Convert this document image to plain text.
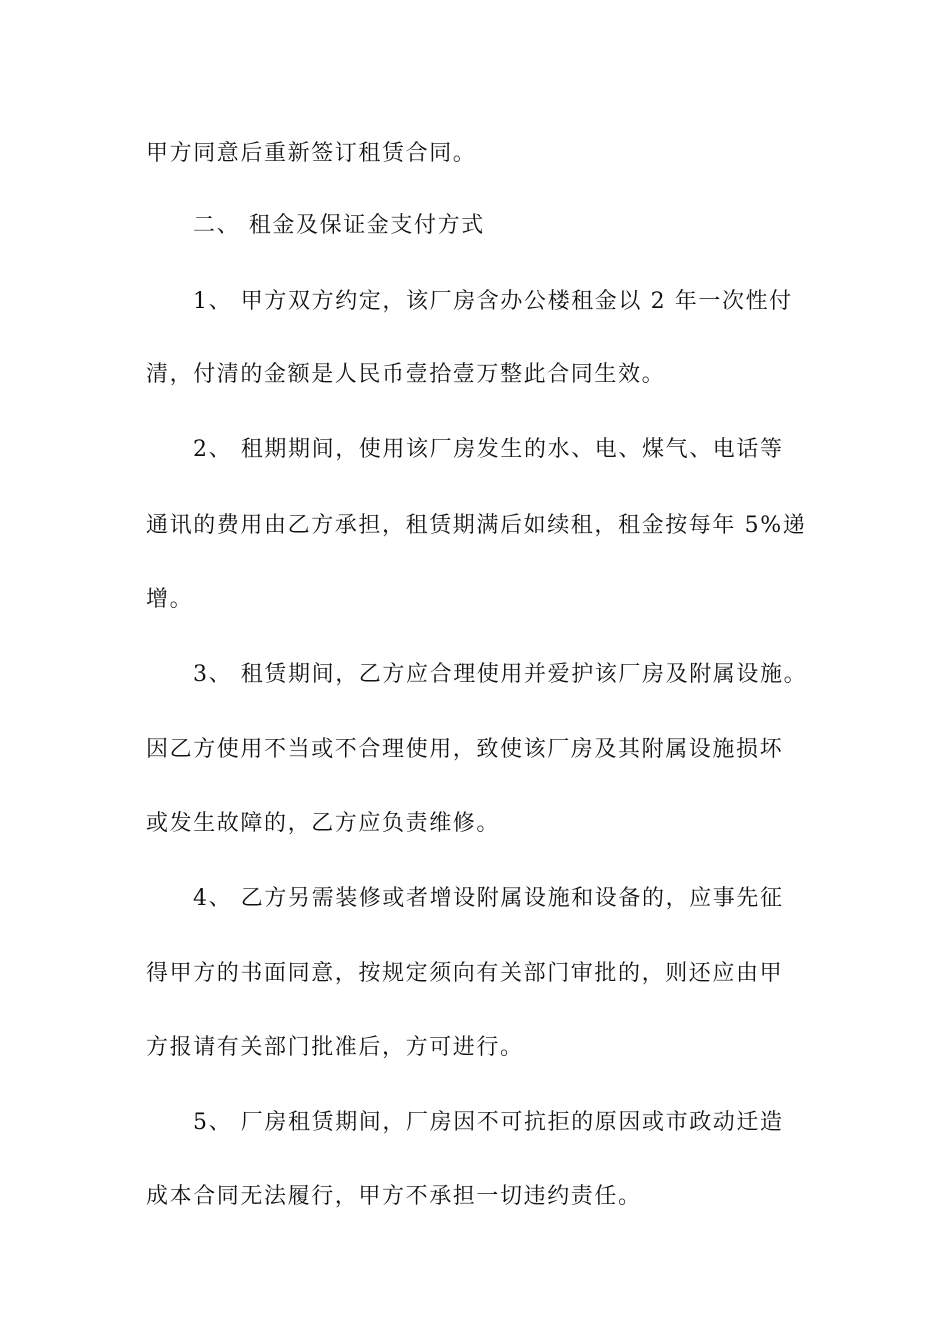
甲方同意后重新签订租赁合同。
二、 租金及保证金支付方式
1、 甲方双方约定，该厂房含办公楼租金以 2 年一次性付
清，付清的金额是人民币壹拾壹万整此合同生效。
2、 租期期间，使用该厂房发生的水、电、煤气、电话等
通讯的费用由乙方承担，租赁期满后如续租，租金按每年 5%递
增。
3、 租赁期间，乙方应合理使用并爱护该厂房及附属设施。
因乙方使用不当或不合理使用，致使该厂房及其附属设施损坏
或发生故障的，乙方应负责维修。
4、 乙方另需装修或者增设附属设施和设备的，应事先征
得甲方的书面同意，按规定须向有关部门审批的，则还应由甲
方报请有关部门批准后，方可进行。
5、 厂房租赁期间，厂房因不可抗拒的原因或市政动迁造
成本合同无法履行，甲方不承担一切违约责任。
